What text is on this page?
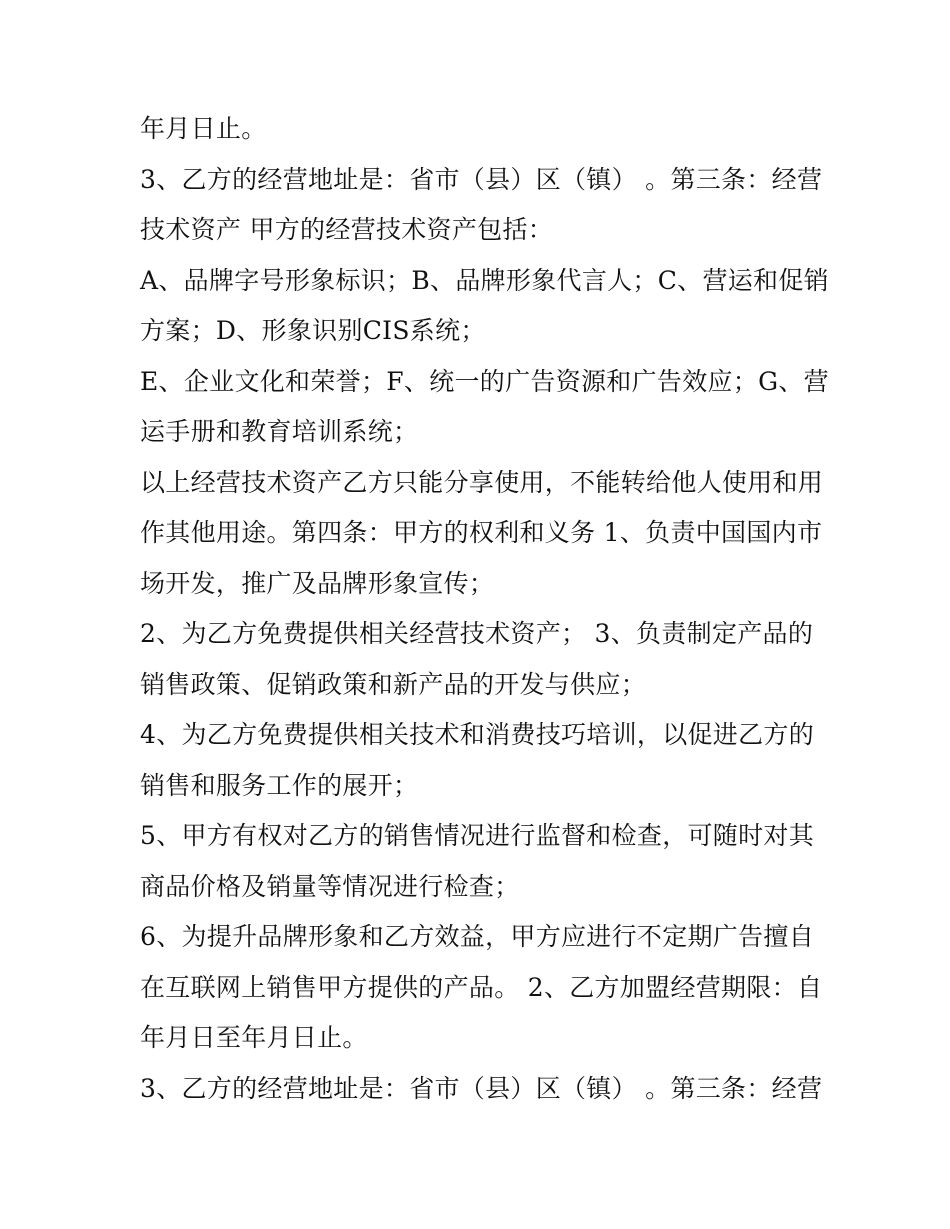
年月日止。
3、乙方的经营地址是：省市（县）区（镇） 。第三条：经营
技术资产 甲方的经营技术资产包括：
A、品牌字号形象标识；B、品牌形象代言人；C、营运和促销
方案；D、形象识别CIS系统；
E、企业文化和荣誉；F、统一的广告资源和广告效应；G、营
运手册和教育培训系统；
以上经营技术资产乙方只能分享使用，不能转给他人使用和用
作其他用途。第四条：甲方的权利和义务 1、负责中国国内市
场开发，推广及品牌形象宣传；
2、为乙方免费提供相关经营技术资产； 3、负责制定产品的
销售政策、促销政策和新产品的开发与供应；
4、为乙方免费提供相关技术和消费技巧培训，以促进乙方的
销售和服务工作的展开；
5、甲方有权对乙方的销售情况进行监督和检查，可随时对其
商品价格及销量等情况进行检查；
6、为提升品牌形象和乙方效益，甲方应进行不定期广告擅自
在互联网上销售甲方提供的产品。 2、乙方加盟经营期限：自
年月日至年月日止。
3、乙方的经营地址是：省市（县）区（镇） 。第三条：经营
